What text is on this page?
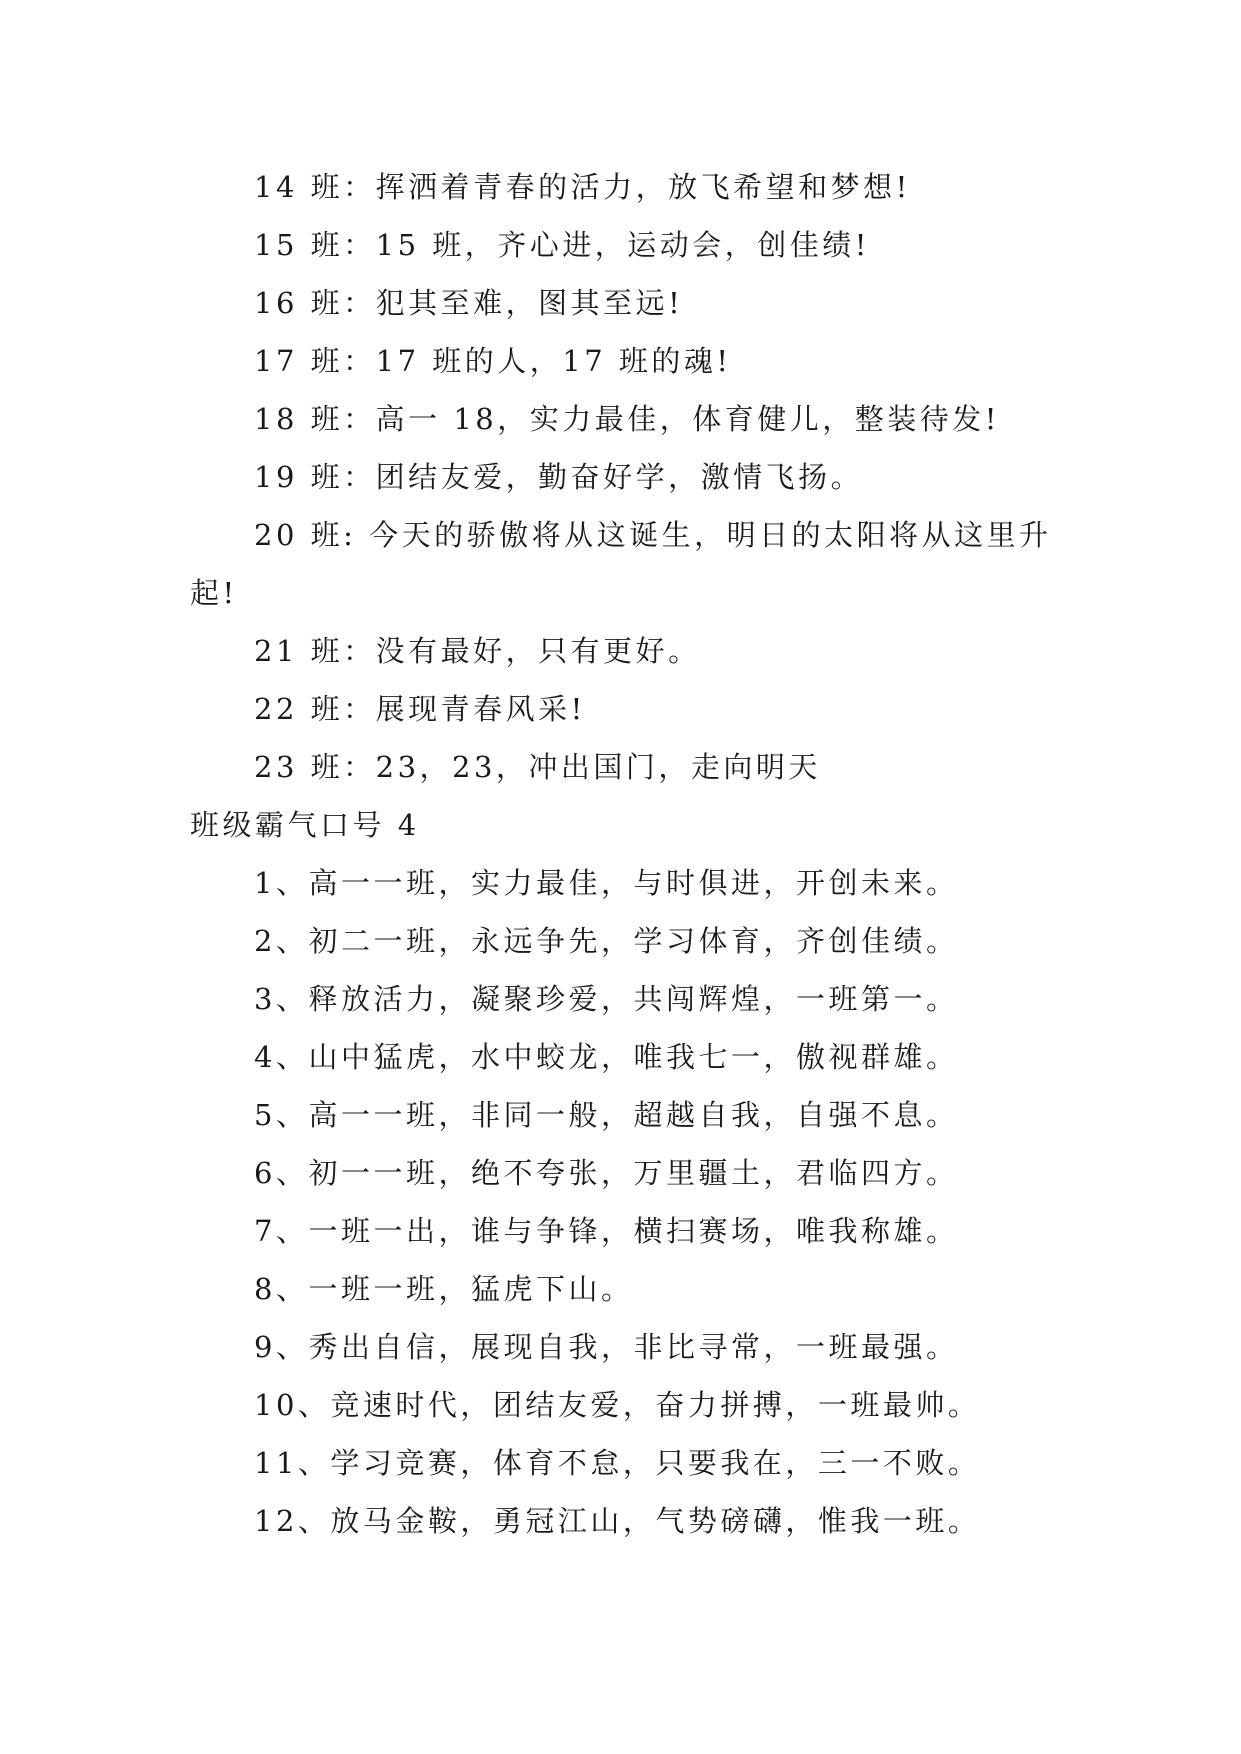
14 班：挥洒着青春的活力，放飞希望和梦想!
15 班：15 班，齐心进，运动会，创佳绩!
16 班：犯其至难，图其至远!
17 班：17 班的人，17 班的魂!
18 班：高一 18，实力最佳，体育健儿，整装待发!
19 班：团结友爱，勤奋好学，激情飞扬。
20 班: 今天的骄傲将从这诞生，明日的太阳将从这里升
起!
21 班：没有最好，只有更好。
22 班：展现青春风采!
23 班：23，23，冲出国门，走向明天
班级霸气口号 4
1、高一一班，实力最佳，与时俱进，开创未来。
2、初二一班，永远争先，学习体育，齐创佳绩。
3、释放活力，凝聚珍爱，共闯辉煌，一班第一。
4、山中猛虎，水中蛟龙，唯我七一，傲视群雄。
5、高一一班，非同一般，超越自我，自强不息。
6、初一一班，绝不夸张，万里疆土，君临四方。
7、一班一出，谁与争锋，横扫赛场，唯我称雄。
8、一班一班，猛虎下山。
9、秀出自信，展现自我，非比寻常，一班最强。
10、竞速时代，团结友爱，奋力拼搏，一班最帅。
11、学习竞赛，体育不怠，只要我在，三一不败。
12、放马金鞍，勇冠江山，气势磅礴，惟我一班。
